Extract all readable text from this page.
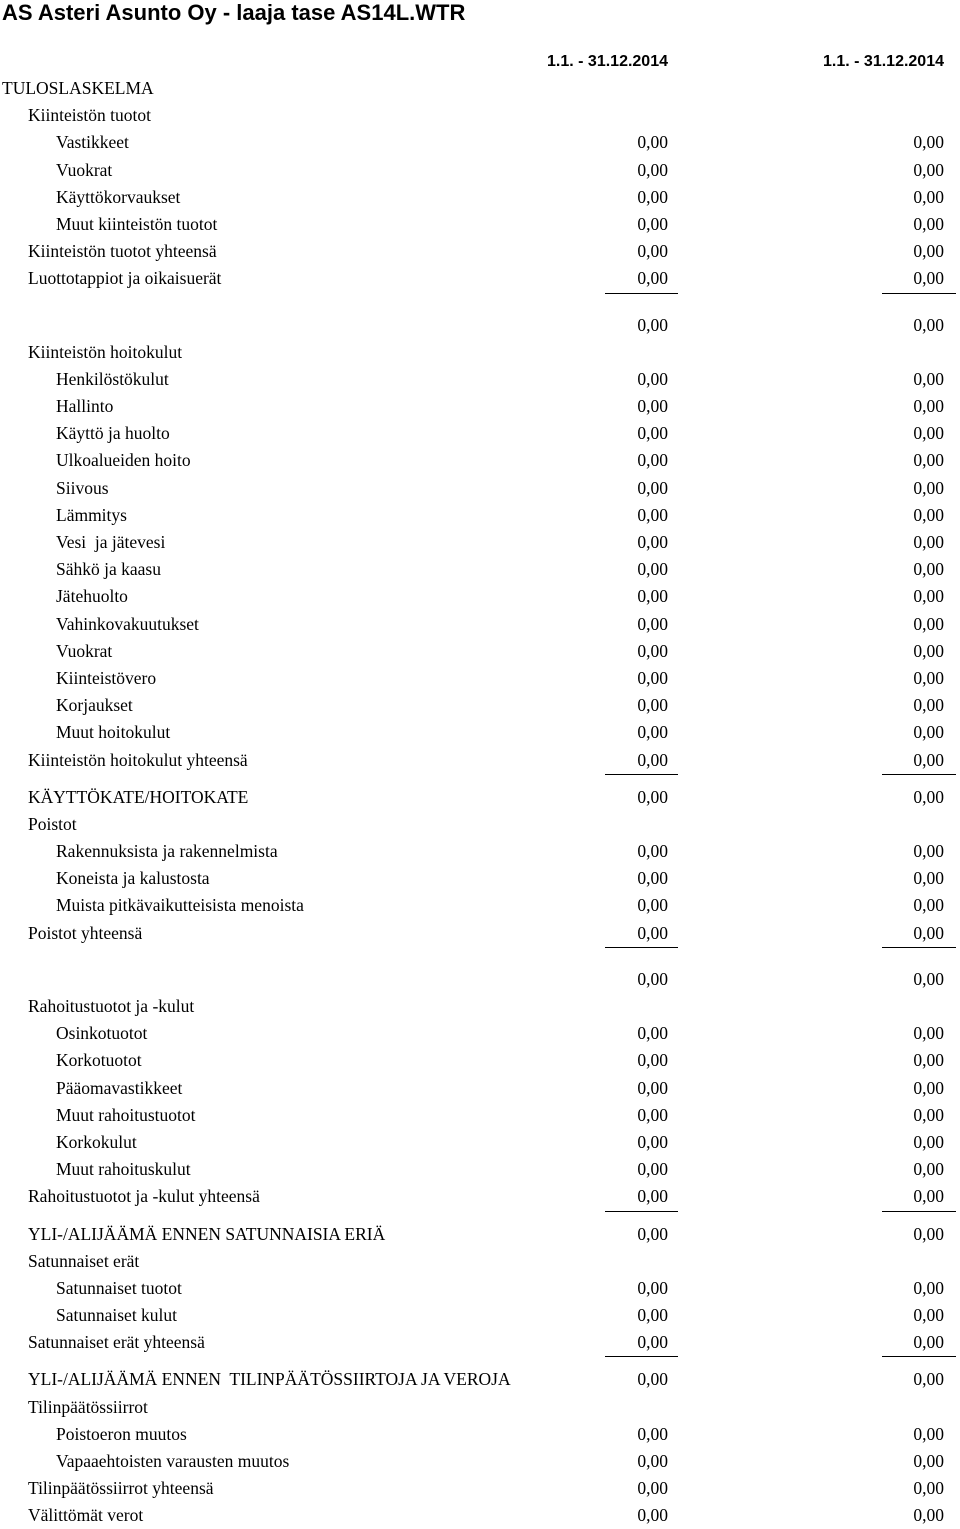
AS Asteri Asunto Oy - laaja tase AS14L.WTR
1.1. - 31.12.2014	1.1. - 31.12.2014
TULOSLASKELMA
Kiinteistön tuotot
Vastikkeet	0,00	0,00
Vuokrat	0,00	0,00
Käyttökorvaukset	0,00	0,00
Muut kiinteistön tuotot	0,00	0,00
Kiinteistön tuotot yhteensä	0,00	0,00
Luottotappiot ja oikaisuerät	0,00	0,00
0,00	0,00
Kiinteistön hoitokulut
Henkilöstökulut	0,00	0,00
Hallinto	0,00	0,00
Käyttö ja huolto	0,00	0,00
Ulkoalueiden hoito	0,00	0,00
Siivous	0,00	0,00
Lämmitys	0,00	0,00
Vesi  ja jätevesi	0,00	0,00
Sähkö ja kaasu	0,00	0,00
Jätehuolto	0,00	0,00
Vahinkovakuutukset	0,00	0,00
Vuokrat	0,00	0,00
Kiinteistövero	0,00	0,00
Korjaukset	0,00	0,00
Muut hoitokulut	0,00	0,00
Kiinteistön hoitokulut yhteensä	0,00	0,00
KÄYTTÖKATE/HOITOKATE	0,00	0,00
Poistot
Rakennuksista ja rakennelmista	0,00	0,00
Koneista ja kalustosta	0,00	0,00
Muista pitkävaikutteisista menoista	0,00	0,00
Poistot yhteensä	0,00	0,00
0,00	0,00
Rahoitustuotot ja -kulut
Osinkotuotot	0,00	0,00
Korkotuotot	0,00	0,00
Pääomavastikkeet	0,00	0,00
Muut rahoitustuotot	0,00	0,00
Korkokulut	0,00	0,00
Muut rahoituskulut	0,00	0,00
Rahoitustuotot ja -kulut yhteensä	0,00	0,00
YLI-/ALIJÄÄMÄ ENNEN SATUNNAISIA ERIÄ	0,00	0,00
Satunnaiset erät
Satunnaiset tuotot	0,00	0,00
Satunnaiset kulut	0,00	0,00
Satunnaiset erät yhteensä	0,00	0,00
YLI-/ALIJÄÄMÄ ENNEN  TILINPÄÄTÖSSIIRTOJA JA VEROJA	0,00	0,00
Tilinpäätössiirrot
Poistoeron muutos	0,00	0,00
Vapaaehtoisten varausten muutos	0,00	0,00
Tilinpäätössiirrot yhteensä	0,00	0,00
Välittömät verot	0,00	0,00
